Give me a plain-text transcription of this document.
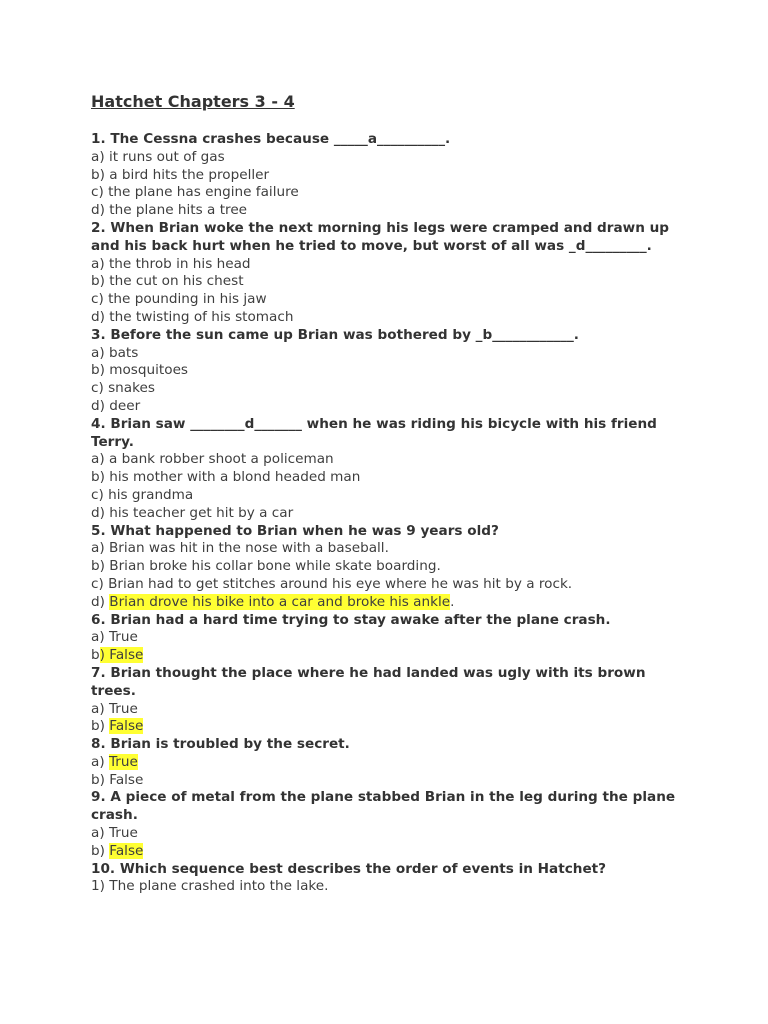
Hatchet Chapters 3 - 4
1. The Cessna crashes because _____a__________.
a) it runs out of gas
b) a bird hits the propeller
c) the plane has engine failure
d) the plane hits a tree
2. When Brian woke the next morning his legs were cramped and drawn up and his back hurt when he tried to move, but worst of all was _d_________.
a) the throb in his head
b) the cut on his chest
c) the pounding in his jaw
d) the twisting of his stomach
3. Before the sun came up Brian was bothered by _b____________.
a) bats
b) mosquitoes
c) snakes
d) deer
4. Brian saw ________d_______ when he was riding his bicycle with his friend Terry.
a) a bank robber shoot a policeman
b) his mother with a blond headed man
c) his grandma
d) his teacher get hit by a car
5. What happened to Brian when he was 9 years old?
a) Brian was hit in the nose with a baseball.
b) Brian broke his collar bone while skate boarding.
c) Brian had to get stitches around his eye where he was hit by a rock.
d) Brian drove his bike into a car and broke his ankle.
6. Brian had a hard time trying to stay awake after the plane crash.
a) True
b) False
7. Brian thought the place where he had landed was ugly with its brown trees.
a) True
b) False
8. Brian is troubled by the secret.
a) True
b) False
9. A piece of metal from the plane stabbed Brian in the leg during the plane crash.
a) True
b) False
10. Which sequence best describes the order of events in Hatchet?
1) The plane crashed into the lake.
